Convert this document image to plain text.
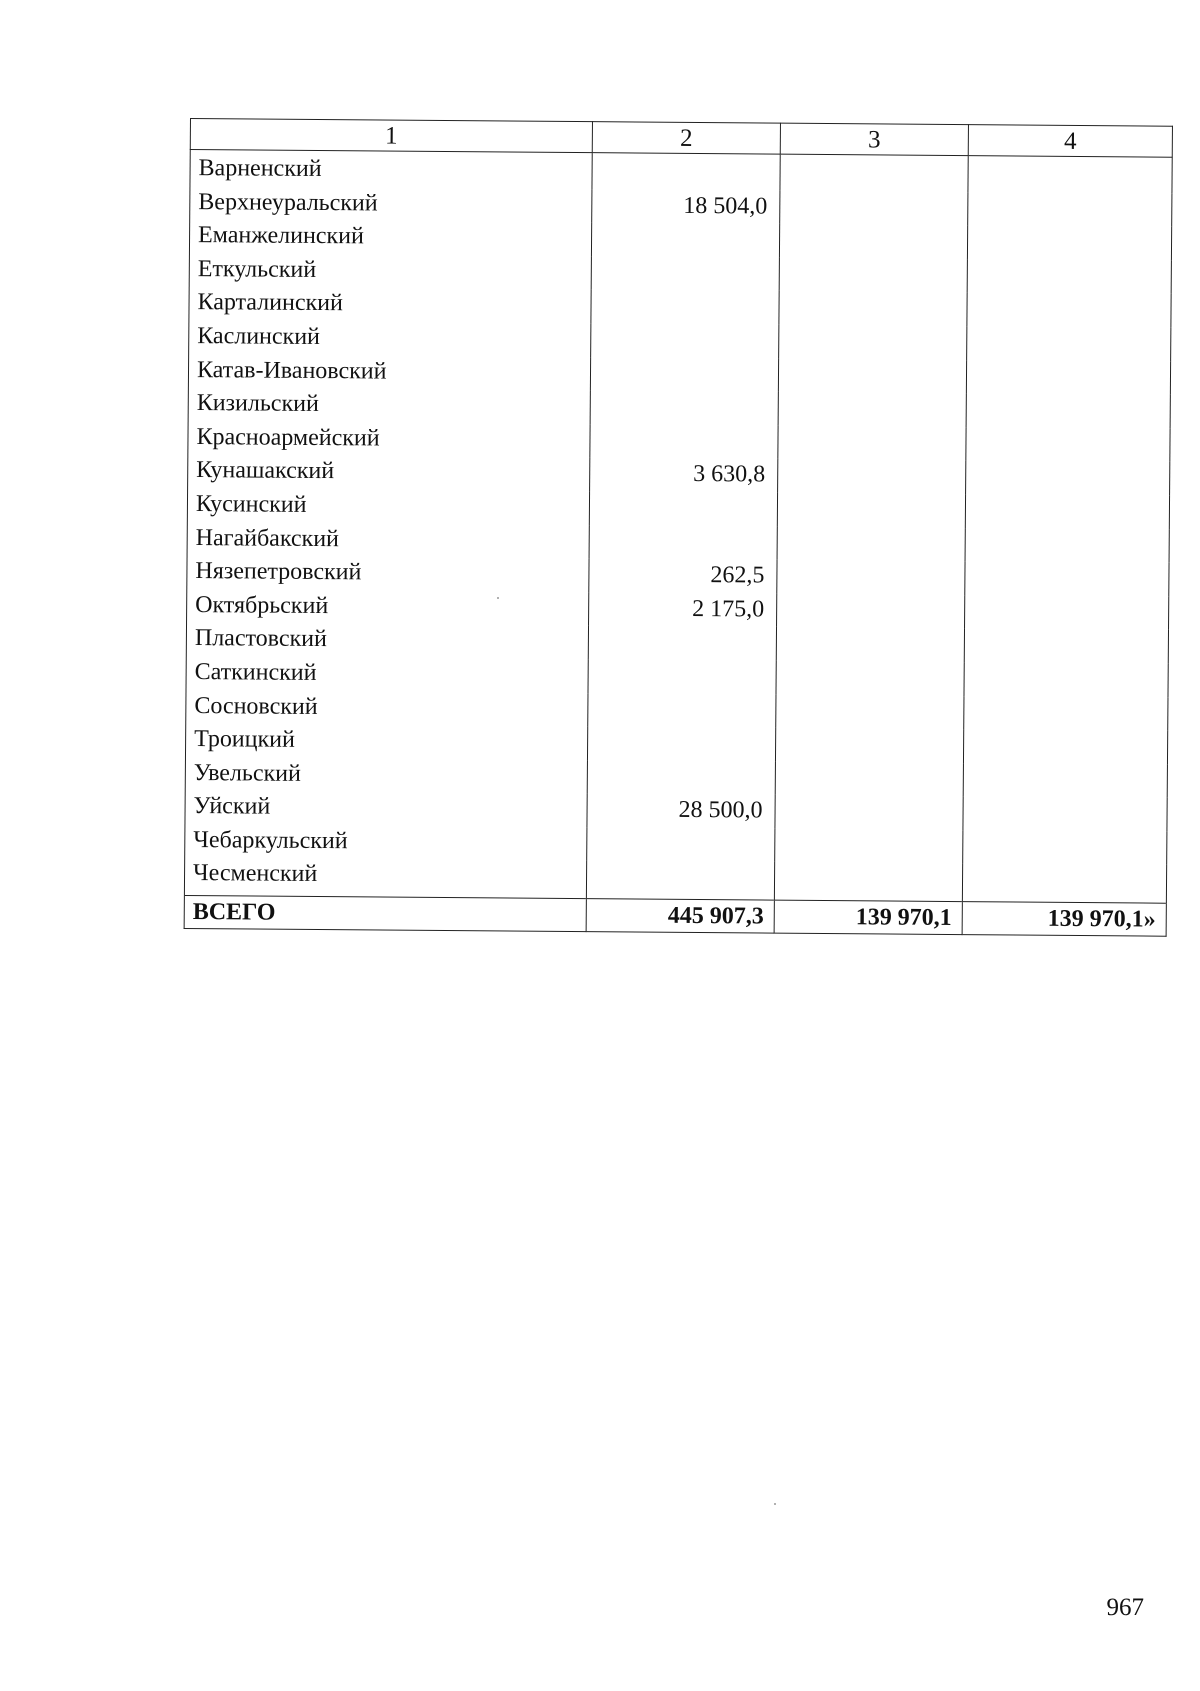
1	2	3	4
Варненский			
Верхнеуральский	18 504,0		
Еманжелинский			
Еткульский			
Карталинский			
Каслинский			
Катав-Ивановский			
Кизильский			
Красноармейский			
Кунашакский	3 630,8		
Кусинский			
Нагайбакский			
Нязепетровский	262,5		
Октябрьский	2 175,0		
Пластовский			
Саткинский			
Сосновский			
Троицкий			
Увельский			
Уйский	28 500,0		
Чебаркульский			
Чесменский			
ВСЕГО	445 907,3	139 970,1	139 970,1»
967
